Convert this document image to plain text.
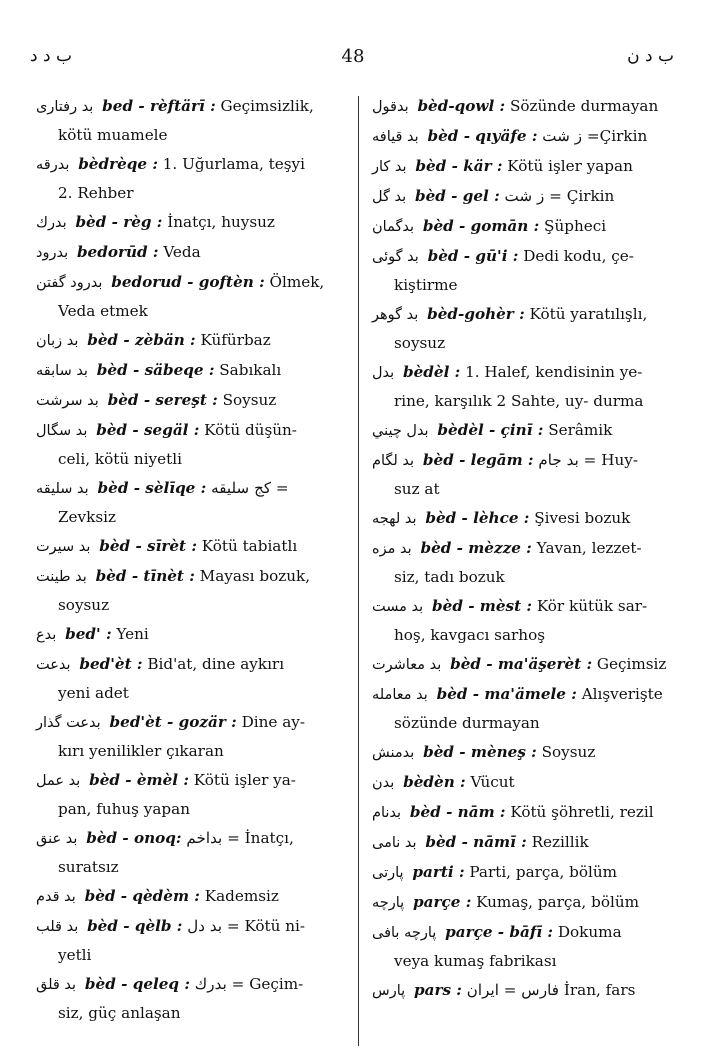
ب د د	48	ب د ن
بد رفتاری bed - rèftärī : Geçimsizlik,
kötü muamele
بدرقه bèdrèqe : 1. Uğurlama, teşyi
2. Rehber
بدرك bèd - règ : İnatçı, huysuz
بدرود bedorūd : Veda
بدرود گفتن bedorud - goftèn : Ölmek,
Veda etmek
بد زبان bèd - zèbän : Küfürbaz
بد سابقه bèd - säbeqe : Sabıkalı
بد سرشت bèd - sereşt : Soysuz
بد سگال bèd - segäl : Kötü düşün-
celi, kötü niyetli
بد سليقه bèd - sèlīqe : كج سليقه =
Zevksiz
بد سيرت bèd - sīrèt : Kötü tabiatlı
بد طينت bèd - tīnèt : Mayası bozuk,
soysuz
بدع bed' : Yeni
بدعت bed'èt : Bid'at, dine aykırı
yeni adet
بدعت گذار bed'èt - gozär : Dine ay-
kırı yenilikler çıkaran
بد عمل bèd - èmèl : Kötü işler ya-
pan, fuhuş yapan
بد عنق bèd - onoq: بداخم = İnatçı,
suratsız
بد قدم bèd - qèdèm : Kademsiz
بد قلب bèd - qèlb : بد دل = Kötü ni-
yetli
بد قلق bèd - qeleq : بدرك = Geçim-
siz, güç anlaşan
بدقول bèd-qowl : Sözünde durmayan
بد قيافه bèd - qıyäfe : ز شت =Çirkin
بد كار bèd - kär : Kötü işler yapan
بد گل bèd - gel : ز شت = Çirkin
بدگمان bèd - gomān : Şüpheci
بد گوئی bèd - gū'i : Dedi kodu, çe-
kiştirme
بد گوهر bèd-gohèr : Kötü yaratılışlı,
soysuz
بدل bèdèl : 1. Halef, kendisinin ye-
rine, karşılık 2 Sahte, uy- durma
بدل چيني bèdèl - çinī : Serâmik
بد لگام bèd - legām : بد جام = Huy-
suz at
بد لهجه bèd - lèhce : Şivesi bozuk
بد مزه bèd - mèzze : Yavan, lezzet-
siz, tadı bozuk
بد مست bèd - mèst : Kör kütük sar-
hoş, kavgacı sarhoş
بد معاشرت bèd - ma'äşerèt : Geçimsiz
بد معامله bèd - ma'ämele : Alışverişte
sözünde durmayan
بدمنش bèd - mèneş : Soysuz
بدن bèdèn : Vücut
بدنام bèd - nām : Kötü şöhretli, rezil
بد نامی bèd - nāmī : Rezillik
پارتی parti : Parti, parça, bölüm
پارچه parçe : Kumaş, parça, bölüm
پارچه بافی parçe - bāfī : Dokuma
veya kumaş fabrikası
پارس pars : فارس = ايران İran, fars
